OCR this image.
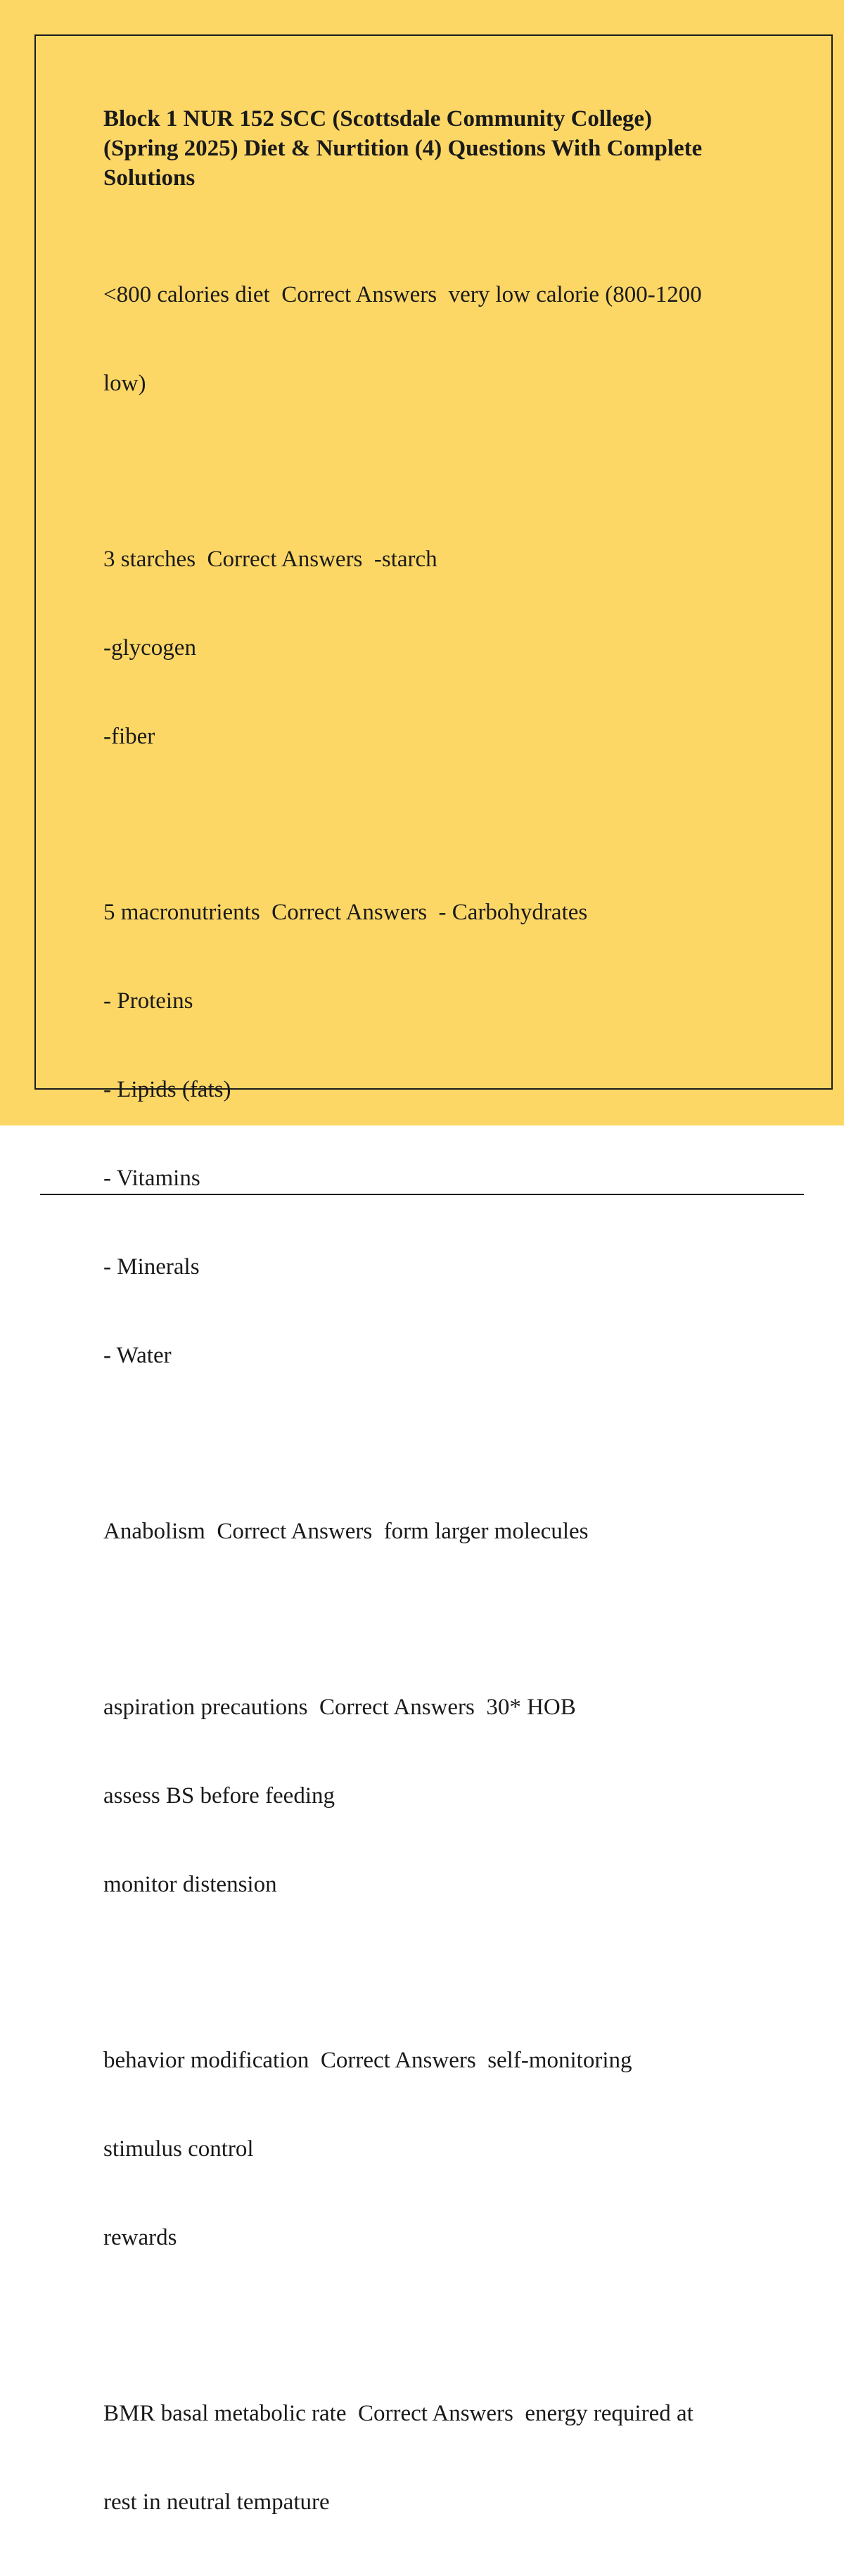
Block 1 NUR 152 SCC (Scottsdale Community College)
(Spring 2025) Diet & Nurtition (4) Questions With Complete
Solutions

<800 calories diet  Correct Answers  very low calorie (800-1200

low)

3 starches  Correct Answers  -starch

-glycogen

-fiber

5 macronutrients  Correct Answers  - Carbohydrates

- Proteins

- Lipids (fats)

- Vitamins

- Minerals

- Water

Anabolism  Correct Answers  form larger molecules

aspiration precautions  Correct Answers  30* HOB

assess BS before feeding

monitor distension

behavior modification  Correct Answers  self-monitoring

stimulus control

rewards

BMR basal metabolic rate  Correct Answers  energy required at

rest in neutral tempature
